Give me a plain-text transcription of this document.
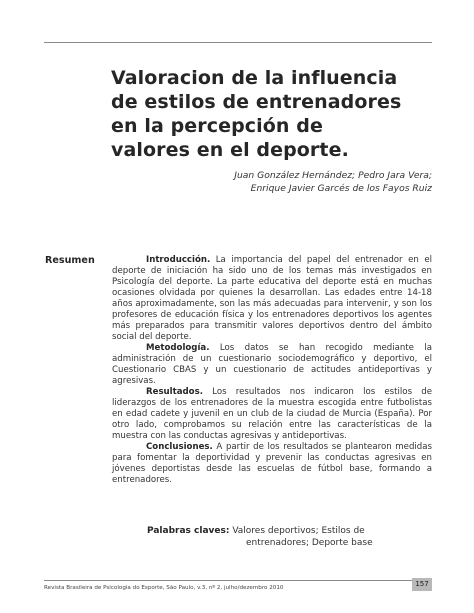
Valoracion de la influencia
de estilos de entrenadores
en la percepción de
valores en el deporte.
Juan González Hernández; Pedro Jara Vera;
Enrique Javier Garcés de los Fayos Ruiz
Resumen	Introducción. La importancia del papel del entrenador en el deporte de iniciación ha sido uno de los temas más investigados en Psicología del deporte. La parte educativa del deporte está en muchas ocasiones olvidada por quienes la desarrollan. Las edades entre 14-18 años aproximadamente, son las más adecuadas para intervenir, y son los profesores de educación física y los entrenadores deportivos los agentes más preparados para transmitir valores deportivos dentro del ámbito social del deporte.

Metodología. Los datos se han recogido mediante la administración de un cuestionario sociodemográfico y deportivo, el Cuestionario CBAS y un cuestionario de actitudes antideportivas y agresivas.

Resultados. Los resultados nos indicaron los estilos de liderazgos de los entrenadores de la muestra escogida entre futbolistas en edad cadete y juvenil en un club de la ciudad de Murcia (España). Por otro lado, comprobamos su relación entre las características de la muestra con las conductas agresivas y antideportivas.

Conclusiones. A partir de los resultados se plantearon medidas para fomentar la deportividad y prevenir las conductas agresivas en jóvenes deportistas desde las escuelas de fútbol base, formando a entrenadores.

Palabras claves: Valores deportivos; Estilos de
entrenadores; Deporte base
Revista Brasileira de Psicologia do Esporte, São Paulo, v.3, nº 2, julho/dezembro 2010	157
